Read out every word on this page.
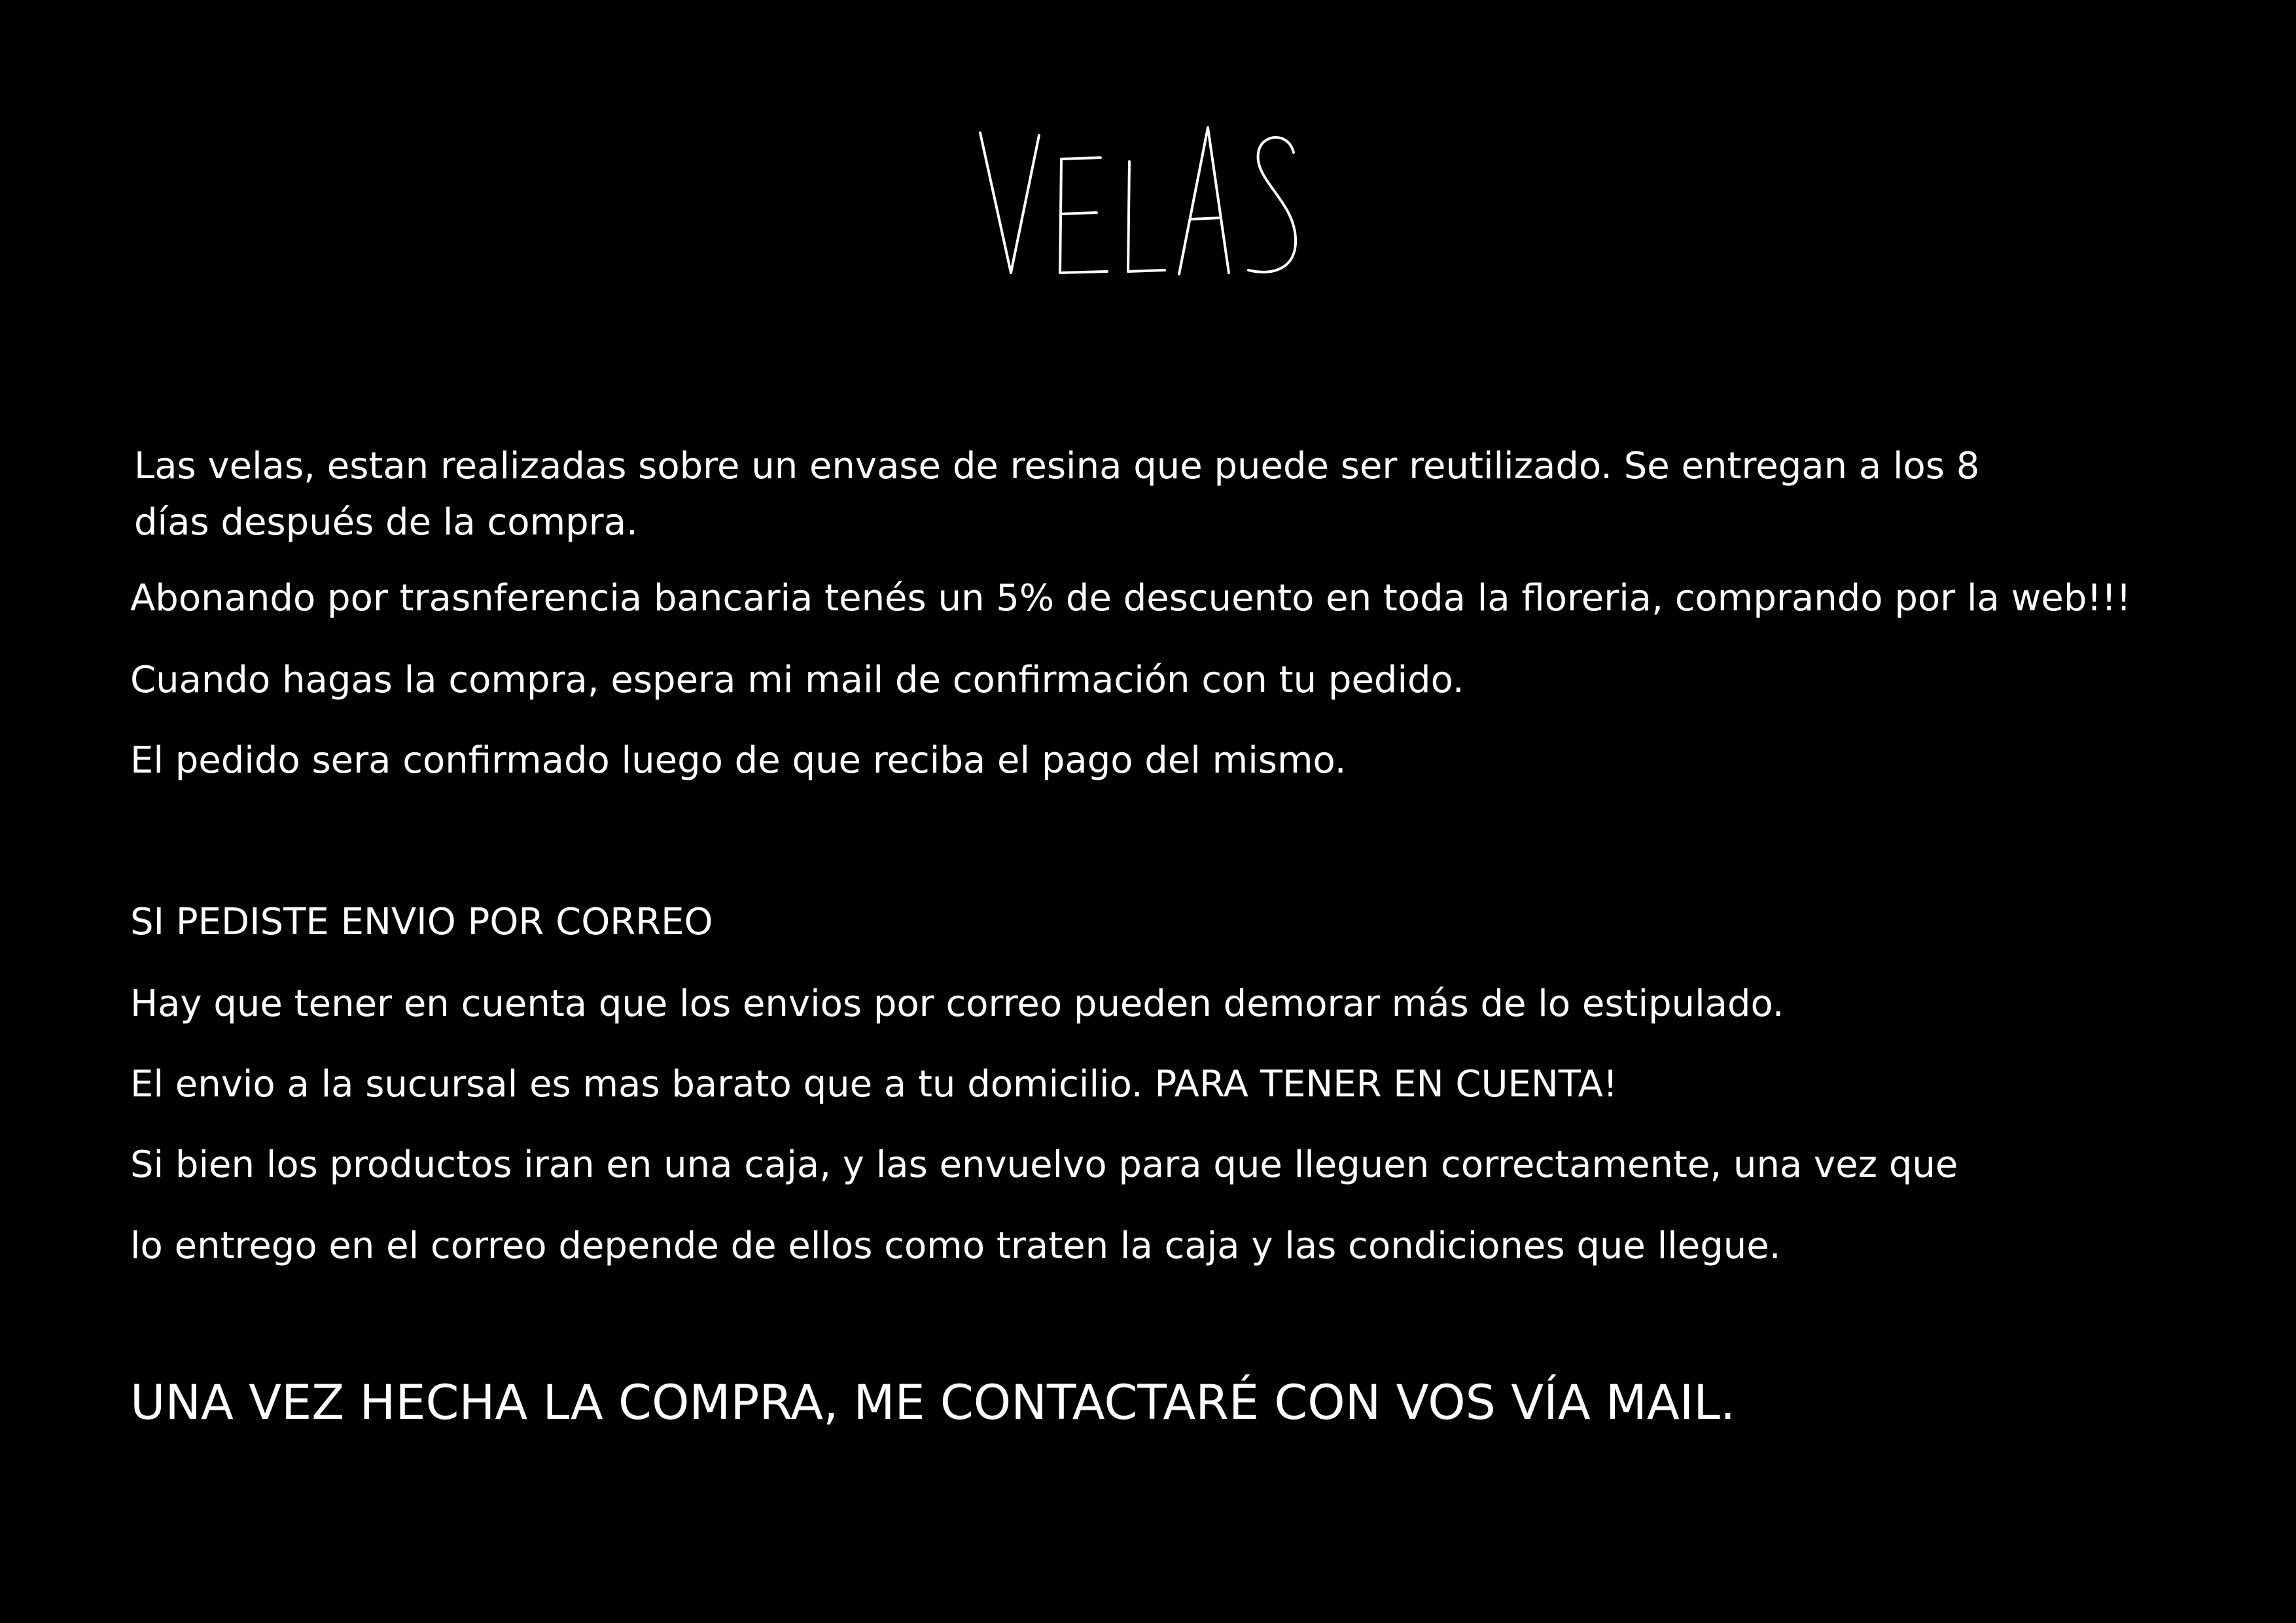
Las velas, estan realizadas sobre un envase de resina que puede ser reutilizado. Se entregan a los 8 días después de la compra.
Abonando por trasnferencia bancaria tenés un 5% de descuento en toda la floreria, comprando por la web!!!
Cuando hagas la compra, espera mi mail de confirmación con tu pedido.
El pedido sera confirmado luego de que reciba el pago del mismo.
SI PEDISTE ENVIO POR CORREO
Hay que tener en cuenta que los envios por correo pueden demorar más de lo estipulado.
El envio a la sucursal es mas barato que a tu domicilio. PARA TENER EN CUENTA!
Si bien los productos iran en una caja, y las envuelvo para que lleguen correctamente, una vez que
lo entrego en el correo depende de ellos como traten la caja y las condiciones que llegue.
UNA VEZ HECHA LA COMPRA, ME CONTACTARÉ CON VOS VÍA MAIL.
